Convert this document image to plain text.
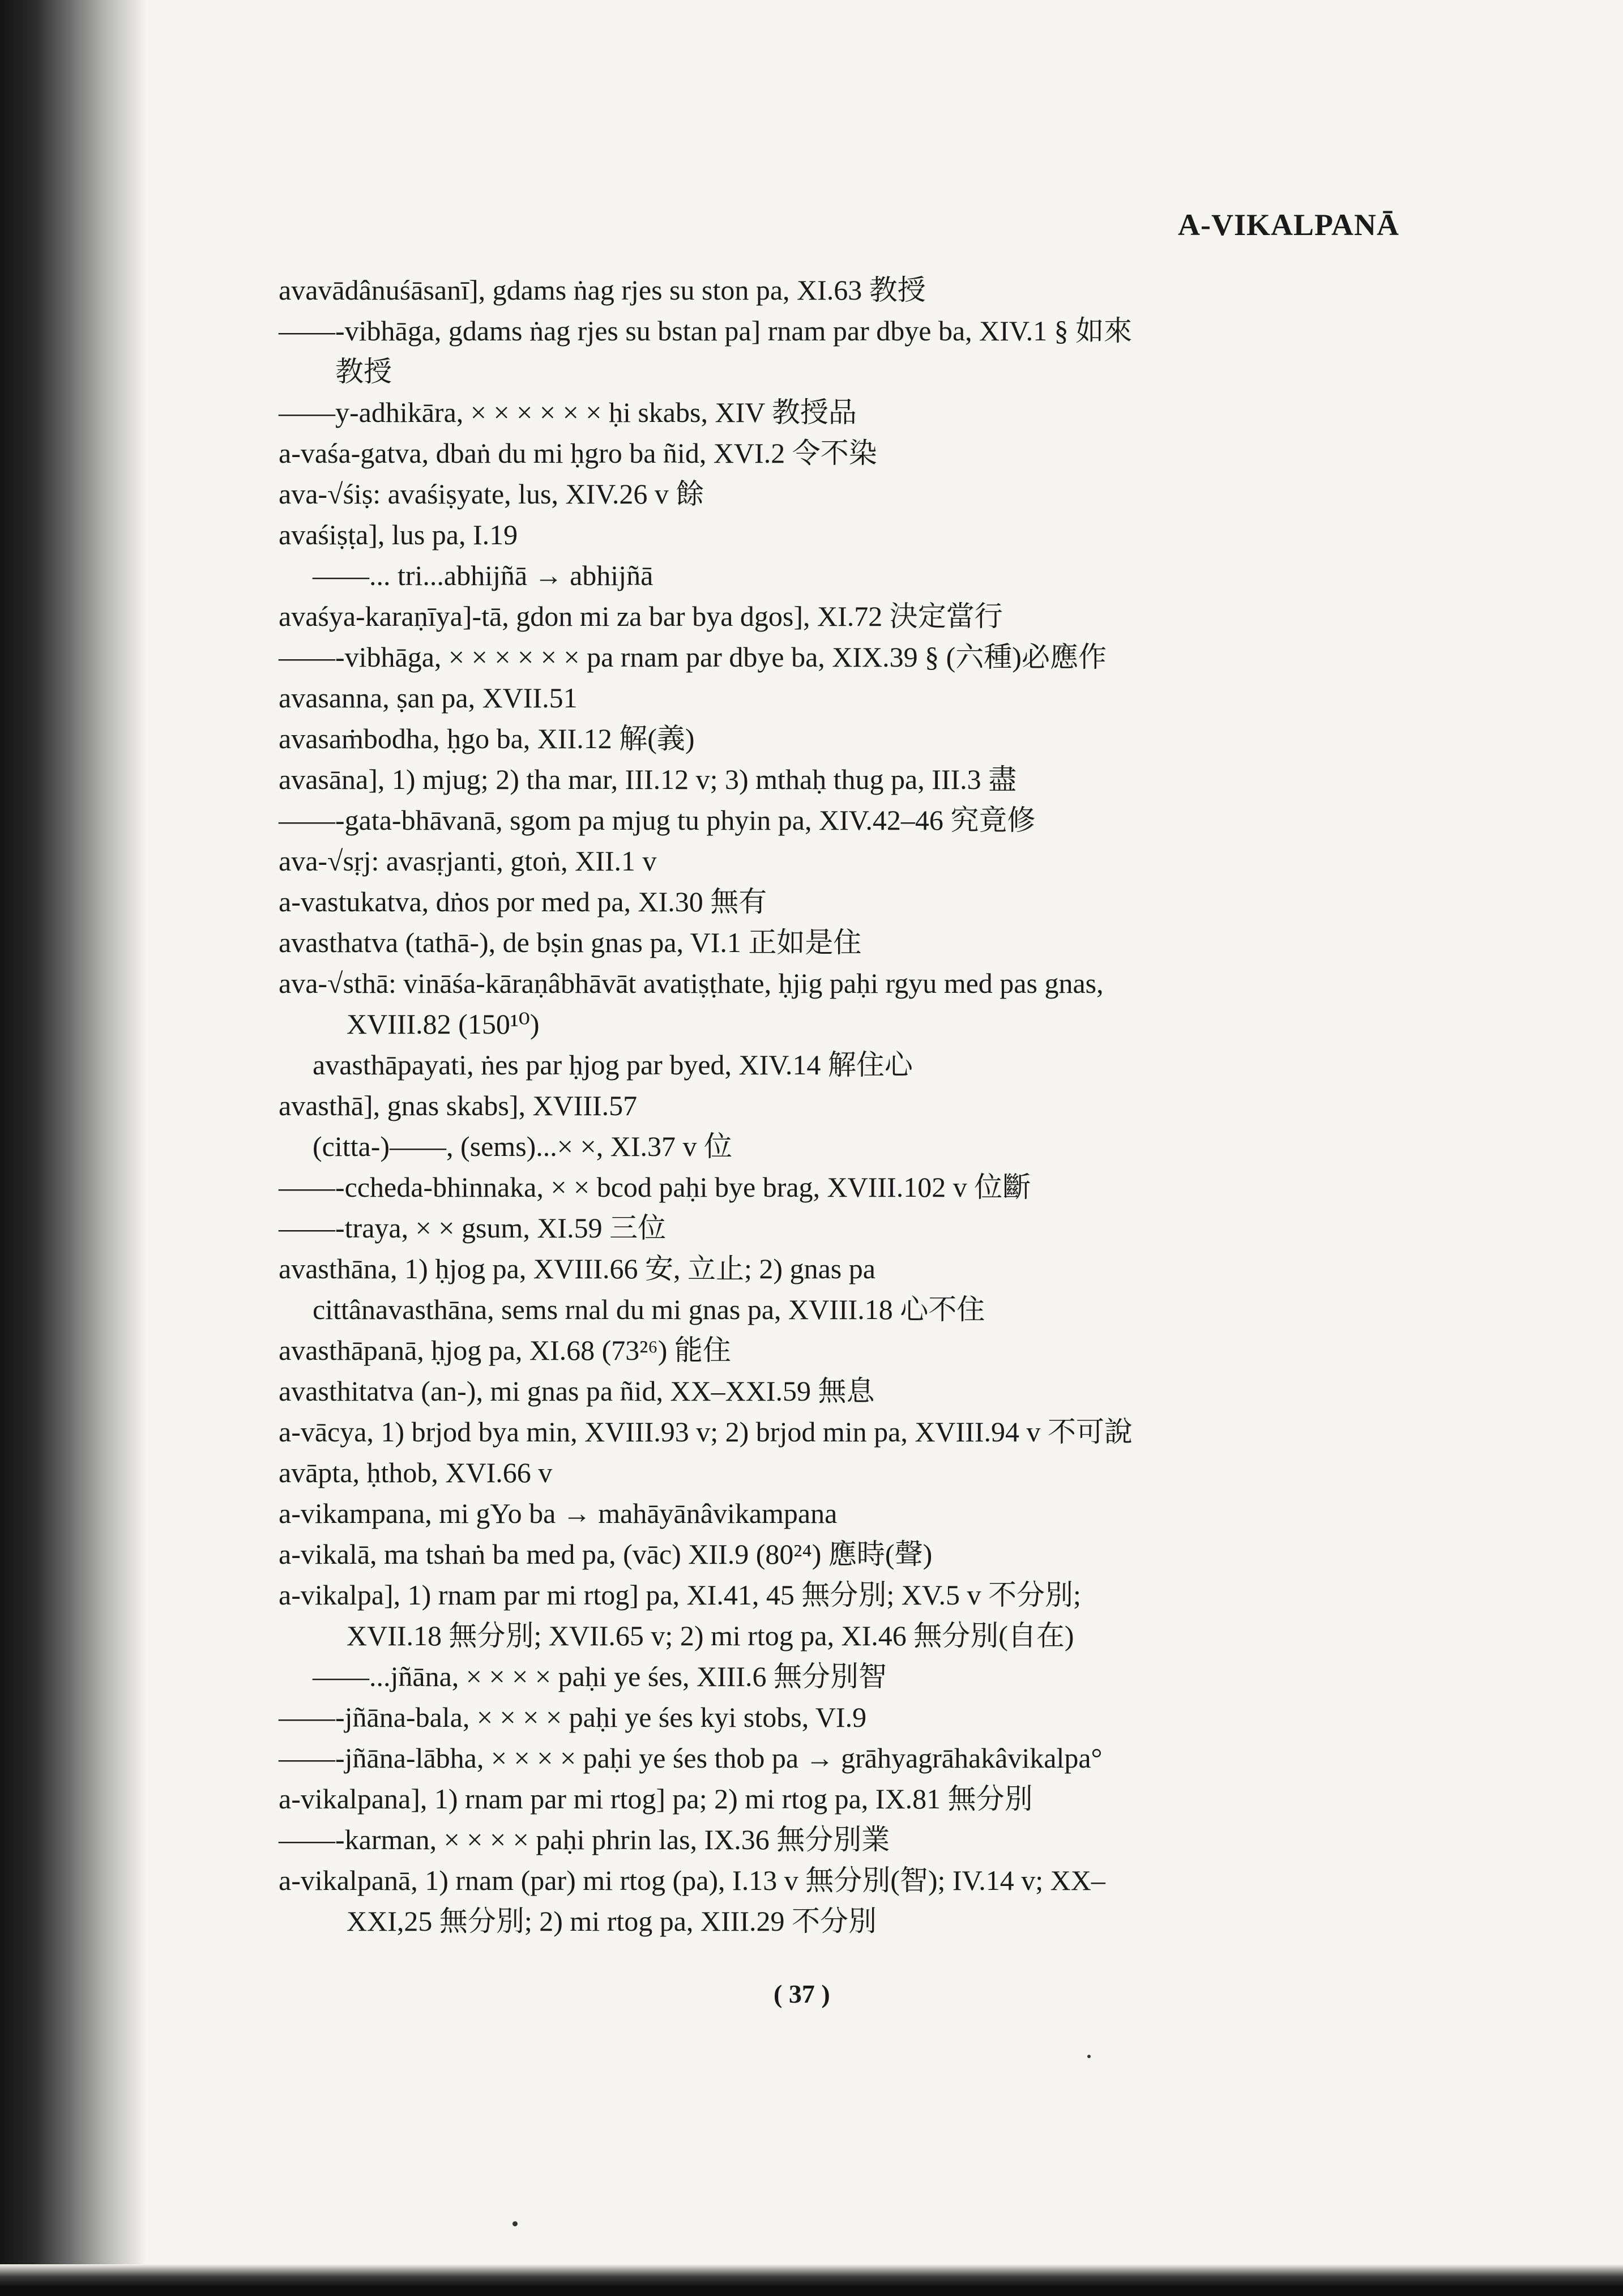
A-VIKALPANĀ
avavādânuśāsanī], gdams ṅag rjes su ston pa, XI.63 教授
——-vibhāga, gdams ṅag rjes su bstan pa] rnam par dbye ba, XIV.1 § 如來
教授
——y-adhikāra, × × × × × × ḥi skabs, XIV 教授品
a-vaśa-gatva, dbaṅ du mi ḥgro ba ñid, XVI.2 令不染
ava-√śiṣ: avaśiṣyate, lus, XIV.26 v 餘
avaśiṣṭa], lus pa, I.19
——... tri...abhijñā → abhijñā
avaśya-karaṇīya]-tā, gdon mi za bar bya dgos], XI.72 決定當行
——-vibhāga, × × × × × × pa rnam par dbye ba, XIX.39 § (六種)必應作
avasanna, ṣan pa, XVII.51
avasaṁbodha, ḥgo ba, XII.12 解(義)
avasāna], 1) mjug; 2) tha mar, III.12 v; 3) mthaḥ thug pa, III.3 盡
——-gata-bhāvanā, sgom pa mjug tu phyin pa, XIV.42–46 究竟修
ava-√sṛj: avasṛjanti, gtoṅ, XII.1 v
a-vastukatva, dṅos por med pa, XI.30 無有
avasthatva (tathā-), de bṣin gnas pa, VI.1 正如是住
ava-√sthā: vināśa-kāraṇâbhāvāt avatiṣṭhate, ḥjig paḥi rgyu med pas gnas,
XVIII.82 (150¹⁰)
avasthāpayati, ṅes par ḥjog par byed, XIV.14 解住心
avasthā], gnas skabs], XVIII.57
(citta-)——, (sems)...× ×, XI.37 v 位
——-ccheda-bhinnaka, × × bcod paḥi bye brag, XVIII.102 v 位斷
——-traya, × × gsum, XI.59 三位
avasthāna, 1) ḥjog pa, XVIII.66 安, 立止; 2) gnas pa
cittânavasthāna, sems rnal du mi gnas pa, XVIII.18 心不住
avasthāpanā, ḥjog pa, XI.68 (73²⁶) 能住
avasthitatva (an-), mi gnas pa ñid, XX–XXI.59 無息
a-vācya, 1) brjod bya min, XVIII.93 v; 2) brjod min pa, XVIII.94 v 不可說
avāpta, ḥthob, XVI.66 v
a-vikampana, mi gYo ba → mahāyānâvikampana
a-vikalā, ma tshaṅ ba med pa, (vāc) XII.9 (80²⁴) 應時(聲)
a-vikalpa], 1) rnam par mi rtog] pa, XI.41, 45 無分別; XV.5 v 不分別;
XVII.18 無分別; XVII.65 v; 2) mi rtog pa, XI.46 無分別(自在)
——...jñāna, × × × × paḥi ye śes, XIII.6 無分別智
——-jñāna-bala, × × × × paḥi ye śes kyi stobs, VI.9
——-jñāna-lābha, × × × × paḥi ye śes thob pa → grāhyagrāhakâvikalpa°
a-vikalpana], 1) rnam par mi rtog] pa; 2) mi rtog pa, IX.81 無分別
——-karman, × × × × paḥi phrin las, IX.36 無分別業
a-vikalpanā, 1) rnam (par) mi rtog (pa), I.13 v 無分別(智); IV.14 v; XX–
XXI,25 無分別; 2) mi rtog pa, XIII.29 不分別
( 37 )
